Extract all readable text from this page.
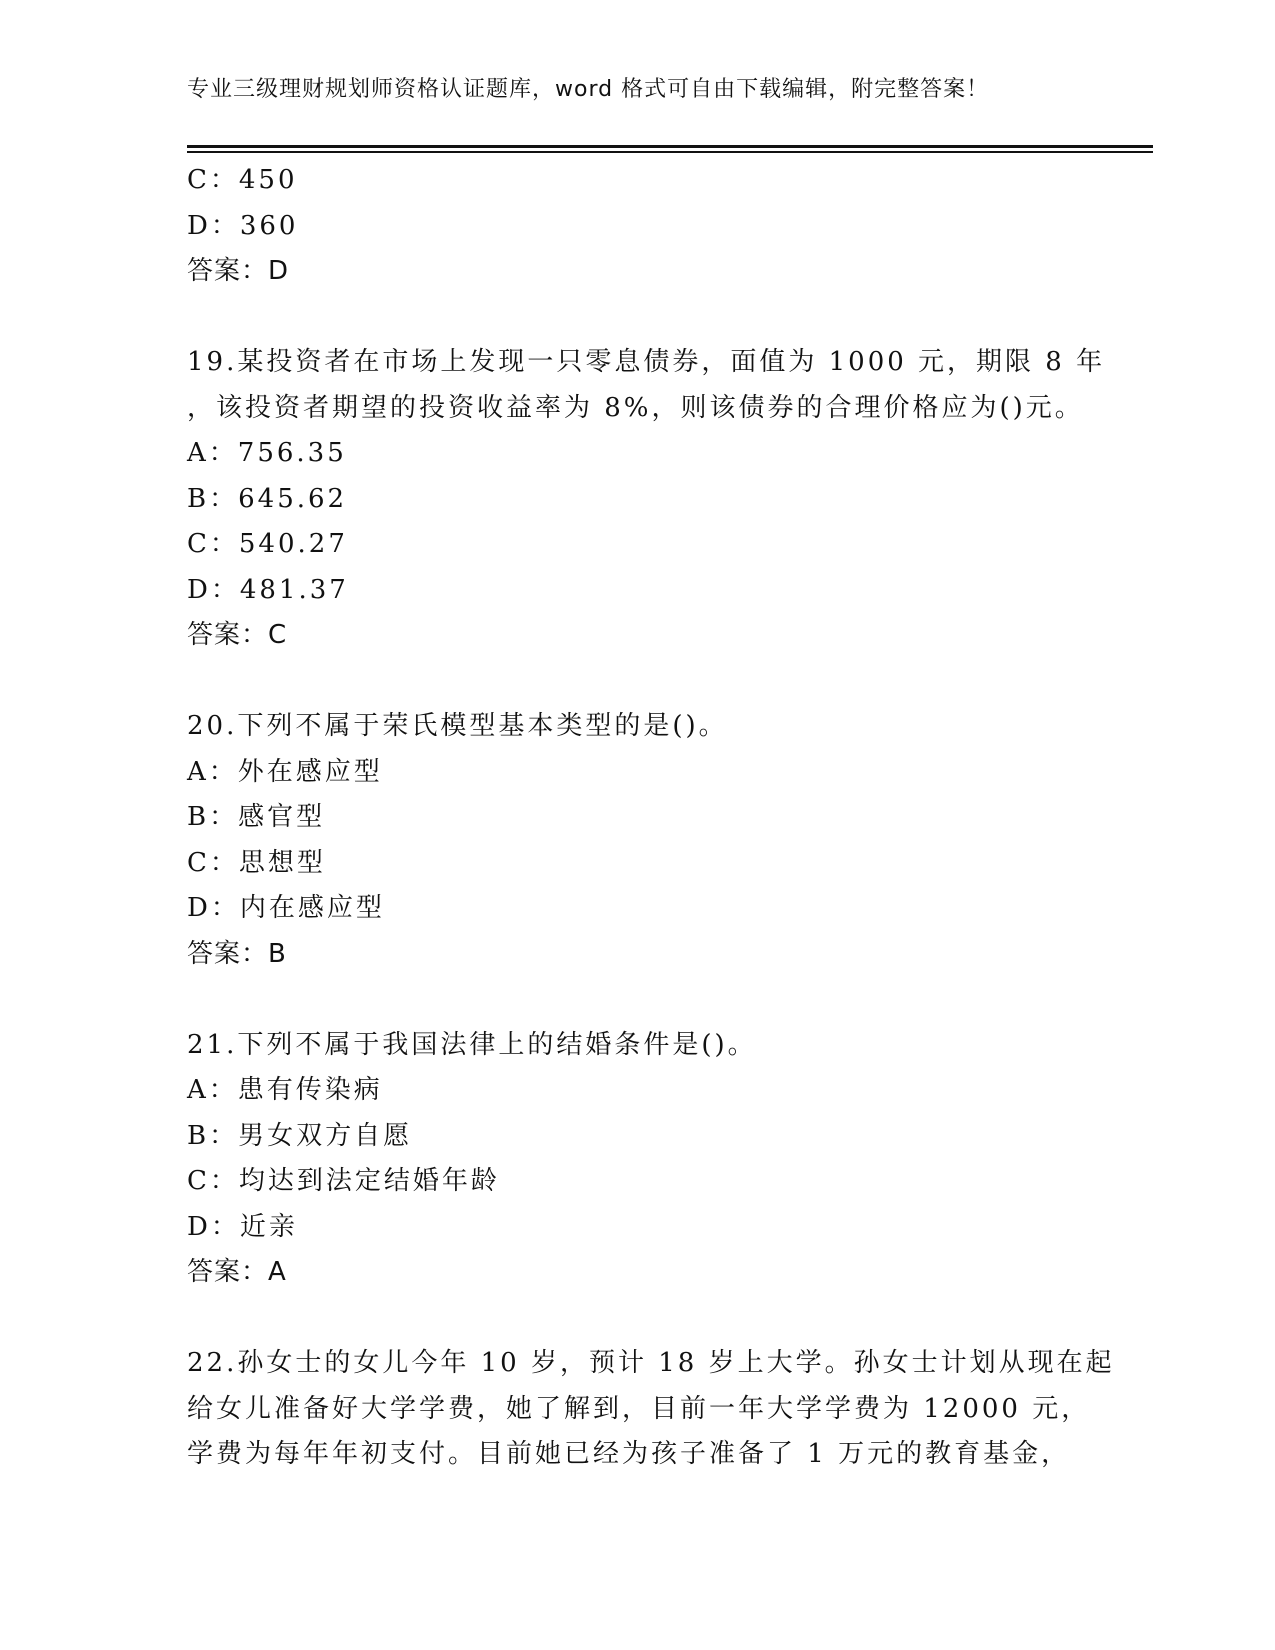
专业三级理财规划师资格认证题库，word 格式可自由下载编辑，附完整答案！
C：450
D：360
答案：D
19.某投资者在市场上发现一只零息债券，面值为 1000 元，期限 8 年
，该投资者期望的投资收益率为 8%，则该债券的合理价格应为()元。
A：756.35
B：645.62
C：540.27
D：481.37
答案：C
20.下列不属于荣氏模型基本类型的是()。
A：外在感应型
B：感官型
C：思想型
D：内在感应型
答案：B
21.下列不属于我国法律上的结婚条件是()。
A：患有传染病
B：男女双方自愿
C：均达到法定结婚年龄
D：近亲
答案：A
22.孙女士的女儿今年 10 岁，预计 18 岁上大学。孙女士计划从现在起
给女儿准备好大学学费，她了解到，目前一年大学学费为 12000 元，
学费为每年年初支付。目前她已经为孩子准备了 1 万元的教育基金，
